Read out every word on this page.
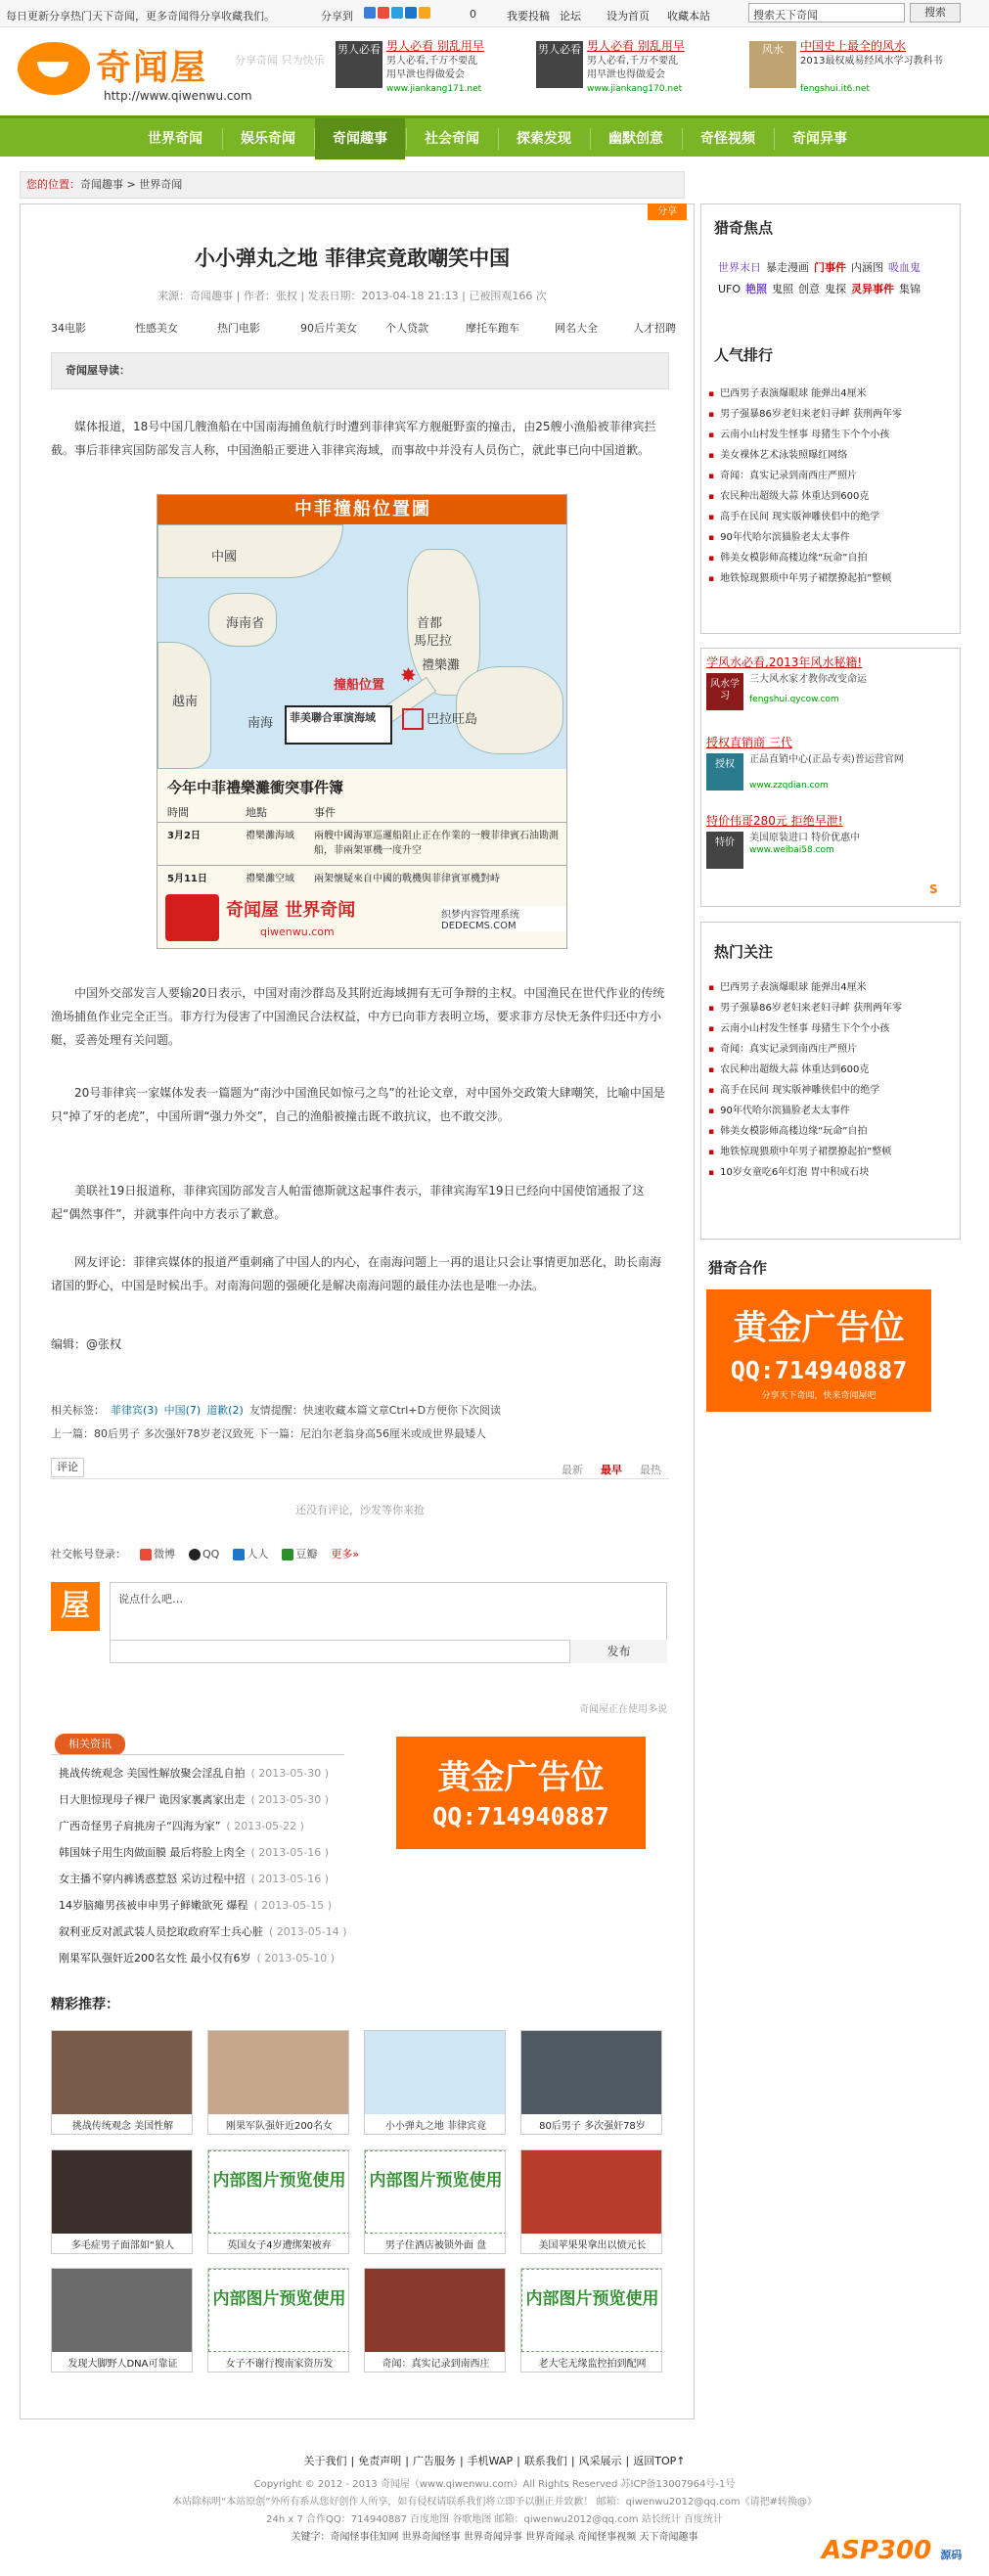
每日更新分享热门天下奇闻，更多奇闻得分享收藏我们。	分享到	0	我要投稿 论坛 设为首页 收藏本站	搜索天下奇闻	搜索
奇闻屋	分享奇闻 只为快乐
http://www.qiwenwu.com
男人必看 男人必看 别乱用早
男人必看,千万不要乱用早泄也得做爱会
www.jiankang171.net
男人必看 男人必看 别乱用早
男人必看,千万不要乱用早泄也得做爱会
www.jiankang170.net
风水	中国史上最全的风水
2013最权威易经风水学习教科书
fengshui.it6.net
世界奇闻	娱乐奇闻	奇闻趣事	社会奇闻	探索发现	幽默创意	奇怪视频	奇闻异事
您的位置：奇闻趣事 > 世界奇闻
分享
小小弹丸之地 菲律宾竟敢嘲笑中国
来源：奇闻趣事 | 作者：张权 | 发表日期：2013-04-18 21:13 | 已被围观166 次
34电影	性感美女	热门电影	90后片美女	个人贷款	摩托车跑车	网名大全	人才招聘
奇闻屋导读：

媒体报道，18号中国几艘渔船在中国南海捕鱼航行时遭到菲律宾军方舰艇野蛮的撞击，由25艘小渔船被菲律宾拦截。事后菲律宾国防部发言人称，中国渔船正要进入菲律宾海域，而事故中并没有人员伤亡，就此事已向中国道歉。

中菲撞船位置圖
中國
海南省
越南
南海
首都
馬尼拉
撞船位置
禮樂灘
巴拉旺島
✸
菲美聯合軍演海域
今年中菲禮樂灘衝突事件簿
時間	地點	事件
3月2日	禮樂灘海域	兩艘中國海軍巡邏船阻止正在作業的一艘菲律賓石油勘測船，菲兩架軍機一度升空
5月11日	禮樂灘空域	兩架懷疑來自中國的戰機與菲律賓軍機對峙
奇闻屋 世界奇闻
qiwenwu.com
织梦内容管理系统 DEDECMS.COM

中国外交部发言人要输20日表示，中国对南沙群岛及其附近海域拥有无可争辩的主权。中国渔民在世代作业的传统渔场捕鱼作业完全正当。菲方行为侵害了中国渔民合法权益，中方已向菲方表明立场，要求菲方尽快无条件归还中方小艇，妥善处理有关问题。

20号菲律宾一家媒体发表一篇题为“南沙中国渔民如惊弓之鸟”的社论文章，对中国外交政策大肆嘲笑，比喻中国是只“掉了牙的老虎”，中国所谓“强力外交”，自己的渔船被撞击既不敢抗议，也不敢交涉。

美联社19日报道称，菲律宾国防部发言人帕雷德斯就这起事件表示，菲律宾海军19日已经向中国使馆通报了这起“偶然事件”，并就事件向中方表示了歉意。

网友评论：菲律宾媒体的报道严重刺痛了中国人的内心，在南海问题上一再的退让只会让事情更加恶化，助长南海诸国的野心，中国是时候出手。对南海问题的强硬化是解决南海问题的最佳办法也是唯一办法。

编辑：@张权

相关标签： 菲律宾(3) 中国(7) 道歉(2) 友情提醒：快速收藏本篇文章Ctrl+D方便你下次阅读
上一篇：80后男子 多次强奸78岁老汉致死 下一篇：尼泊尔老翁身高56厘米或成世界最矮人
评论	最新 最早 最热
还没有评论，沙发等你来抢
社交帐号登录：	微博	QQ	人人	豆瓣 更多»
屋	说点什么吧…
发布
奇闻屋正在使用多说
相关资讯
挑战传统观念 美国性解放聚会淫乱自拍 ( 2013-05-30 )
日大胆惊现母子裸尸 诡因家裏离家出走 ( 2013-05-30 )
广西奇怪男子肩挑房子“四海为家” ( 2013-05-22 )
韩国妹子用生肉做面膜 最后将脸上肉全 ( 2013-05-16 )
女主播不穿内裤诱惑惹怒 采访过程中招 ( 2013-05-16 )
14岁脑瘫男孩被申申男子鲜嫩欲死 爆程 ( 2013-05-15 )
叙利亚反对派武装人员挖取政府军士兵心脏 ( 2013-05-14 )
刚果军队强奸近200名女性 最小仅有6岁 ( 2013-05-10 )
黄金广告位
QQ:714940887
精彩推荐：
挑战传统观念 美国性解	刚果军队强奸近200名女	小小弹丸之地 菲律宾竟	80后男子 多次强奸78岁
多毛症男子面部如“狼人
内部图片预览使用
英国女子4岁遭绑架被弃
内部图片预览使用
男子住酒店被锁外面 盘	美国苹果果拿出以愤元长
发现大脚野人DNA可靠证
内部图片预览使用
女子不谢行搜南家资历发	奇闻：真实记录到南西庄
内部图片预览使用
老大宅无缘监控拍到配网
猎奇焦点
世界末日 暴走漫画 门事件 内涵图 吸血鬼UFO 艳照 鬼照 创意 鬼探 灵异事件 集锦
人气排行
▪ 巴西男子表演爆眼球 能弹出4厘米
▪ 男子强暴86岁老妇来老妇寻衅 获刑两年零
▪ 云南小山村发生怪事 母猪生下个个小孩
▪ 美女裸体艺术泳装照曝红网络
▪ 奇闻：真实记录到南西庄严照片
▪ 农民种出超级大蒜 体重达到600克
▪ 高手在民间 现实版神雕侠侣中的绝学
▪ 90年代哈尔滨猫脸老太太事件
▪ 韩美女模影师高楼边缘“玩命”自拍
▪ 地铁惊现猥琐中年男子裙摆撩起拍”整顿
学风水必看,2013年风水秘籍!
风水学习
三大风水家才教你改变命运
fengshui.qycow.com
授权直销商 三代
授权	正品直销中心(正品专卖)普运营官网
www.zzqdian.com
特价伟哥280元 拒绝早泄!
特价	美国原装进口 特价优惠中
www.weibai58.com
S
热门关注
▪ 巴西男子表演爆眼球 能弹出4厘米
▪ 男子强暴86岁老妇来老妇寻衅 获刑两年零
▪ 云南小山村发生怪事 母猪生下个个小孩
▪ 奇闻：真实记录到南西庄严照片
▪ 农民种出超级大蒜 体重达到600克
▪ 高手在民间 现实版神雕侠侣中的绝学
▪ 90年代哈尔滨猫脸老太太事件
▪ 韩美女模影师高楼边缘“玩命”自拍
▪ 地铁惊现猥琐中年男子裙摆撩起拍”整顿
▪ 10岁女童吃6年灯泡 胃中积成石块
猎奇合作
黄金广告位
QQ:714940887
分享天下奇闻，快来奇闻屋吧
关于我们 | 免责声明 | 广告服务 | 手机WAP | 联系我们 | 风采展示 | 返回TOP↑
Copyright © 2012 - 2013 奇闻屋（www.qiwenwu.com）All Rights Reserved 苏ICP备13007964号-1号
本站除标明“本站原创”外所有系从您好创作人所享，如有侵权请联系我们将立即予以删正并致歉！ 邮箱：qiwenwu2012@qq.com《请把#转换@》
24h x 7 合作QQ：714940887 百度地图 谷歌地图 邮箱：qiwenwu2012@qq.com 站长统计 百度统计
关键字：奇闻怪事佳知网 世界奇闻怪事 世界奇闻异事 世界奇闻录 奇闻怪事视频 天下奇闻趣事	ASP300 源码
